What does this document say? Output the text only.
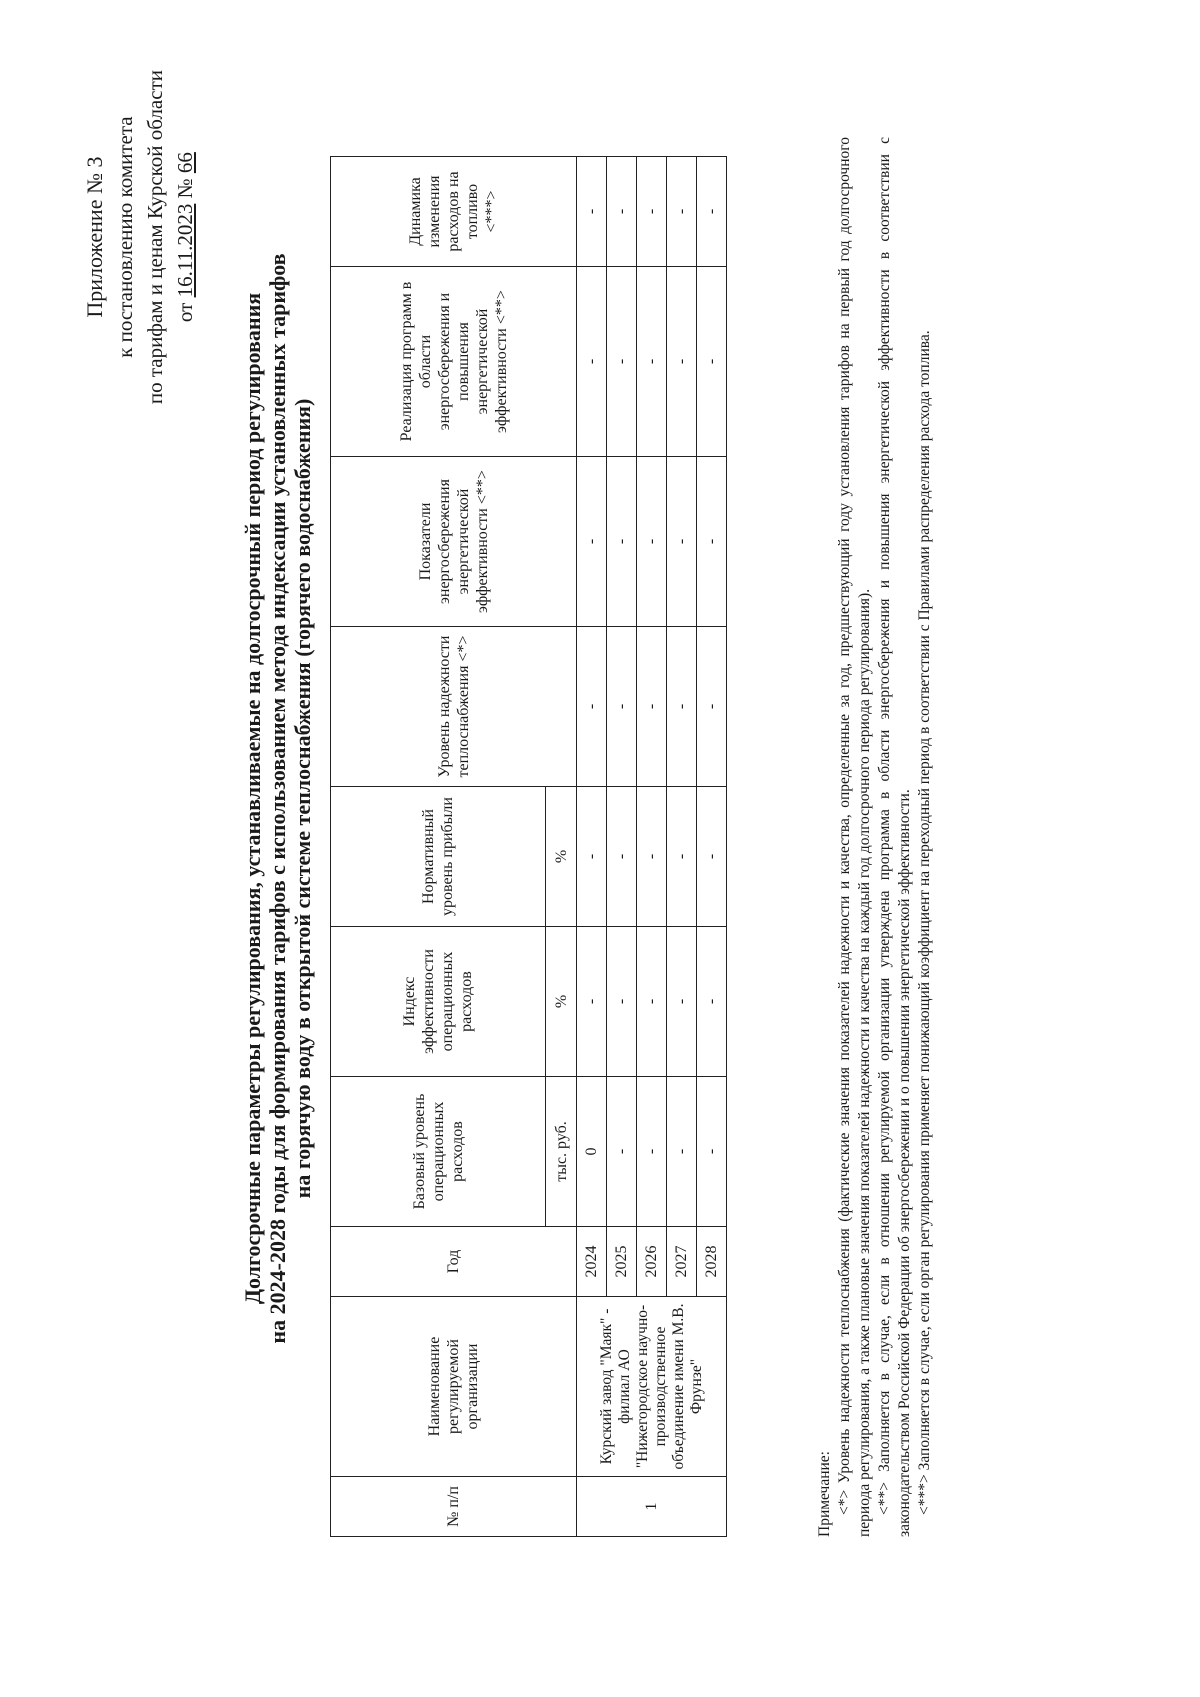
Приложение № 3 к постановлению комитета по тарифам и ценам Курской области от 16.11.2023 № 66
Долгосрочные параметры регулирования, устанавливаемые на долгосрочный период регулирования на 2024-2028 годы для формирования тарифов с использованием метода индексации установленных тарифов на горячую воду в открытой системе теплоснабжения (горячего водоснабжения)
№ п/п	Наименование регулируемой организации	Год	Базовый уровень операционных расходов	Индекс эффективности операционных расходов	Нормативный уровень прибыли	Уровень надежности теплоснабжения <*>	Показатели энергосбережения энергетической эффективности <**>	Реализация программ в области энергосбережения и повышения энергетической эффективности <**>	Динамика изменения расходов на топливо <***>
			тыс. руб.	%	%				
1	Курский завод "Маяк" - филиал АО "Нижегородское научно-производственное объединение имени М.В. Фрунзе"	2024	0	-	-	-	-	-	-
		2025	-	-	-	-	-	-	-
		2026	-	-	-	-	-	-	-
		2027	-	-	-	-	-	-	-
		2028	-	-	-	-	-	-	-

Примечание: <*> Уровень надежности теплоснабжения (фактические значения показателей надежности и качества, определенные за год, предшествующий году установления тарифов на первый год долгосрочного периода регулирования, а также плановые значения показателей надежности и качества на каждый год долгосрочного периода регулирования). <**> Заполняется в случае, если в отношении регулируемой организации утверждена программа в области энергосбережения и повышения энергетической эффективности в соответствии с законодательством Российской Федерации об энергосбережении и о повышении энергетической эффективности. <***> Заполняется в случае, если орган регулирования применяет понижающий коэффициент на переходный период в соответствии с Правилами распределения расхода топлива.
